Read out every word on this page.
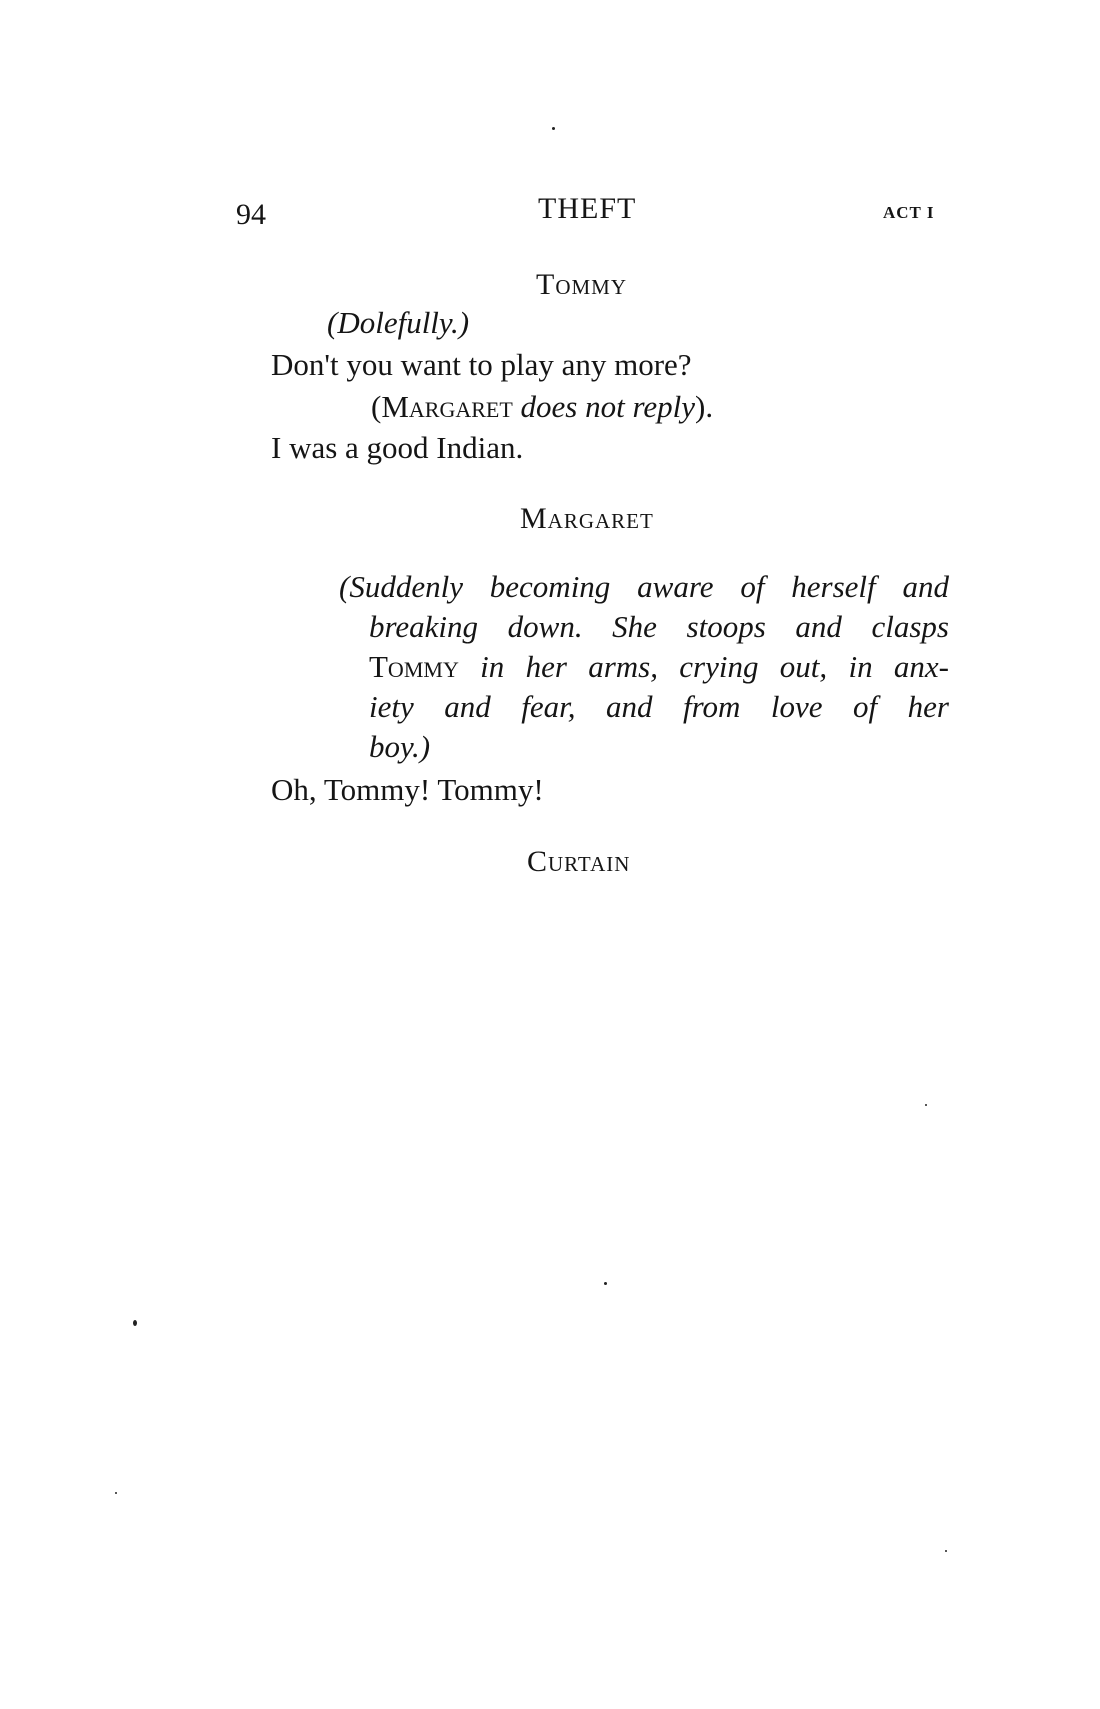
94	THEFT	ACT I
Tommy
(Dolefully.)
Don't you want to play any more?
(Margaret does not reply).
I was a good Indian.
Margaret
(Suddenly becoming aware of herself and
breaking down. She stoops and clasps
Tommy in her arms, crying out, in anx-
iety and fear, and from love of her
boy.)
Oh, Tommy! Tommy!
Curtain
